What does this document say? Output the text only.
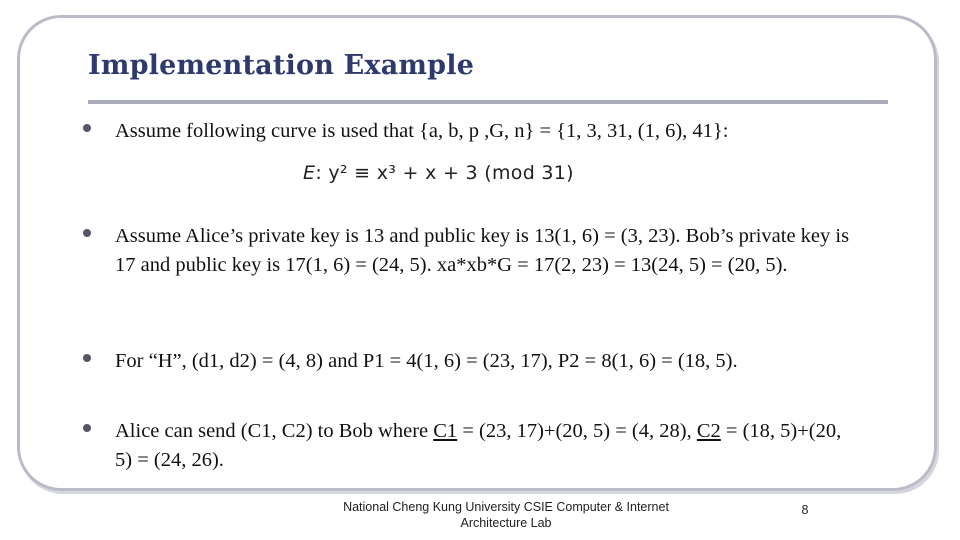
Implementation Example
Assume following curve is used that {a, b, p ,G, n} = {1, 3, 31, (1, 6), 41}:
E: y² ≡ x³ + x + 3 (mod 31)
Assume Alice’s private key is 13 and public key is 13(1, 6) = (3, 23). Bob’s private key is 17 and public key is 17(1, 6) = (24, 5). xa*xb*G = 17(2, 23) = 13(24, 5) = (20, 5).
For “H”, (d1, d2) = (4, 8) and P1 = 4(1, 6) = (23, 17), P2 = 8(1, 6) = (18, 5).
Alice can send (C1, C2) to Bob where C1 = (23, 17)+(20, 5) = (4, 28), C2 = (18, 5)+(20, 5) = (24, 26).
National Cheng Kung University CSIE Computer & Internet
Architecture Lab
8
